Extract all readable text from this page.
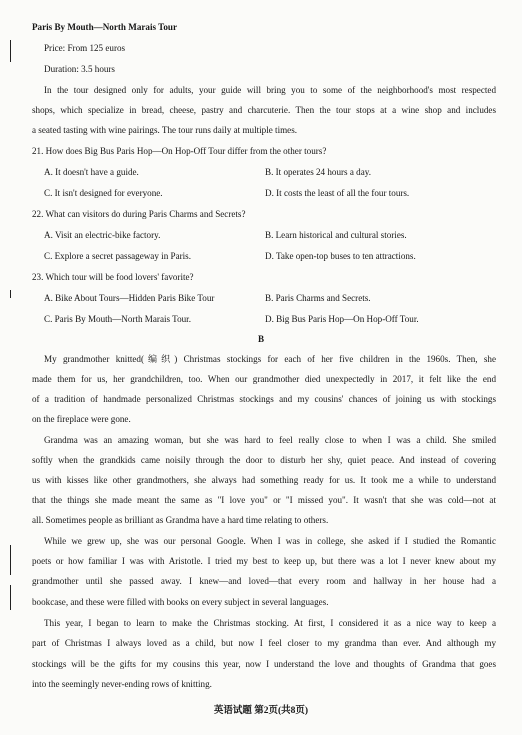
Paris By Mouth—North Marais Tour
Price: From 125 euros
Duration: 3.5 hours
In the tour designed only for adults, your guide will bring you to some of the neighborhood's most respected
shops, which specialize in bread, cheese, pastry and charcuterie. Then the tour stops at a wine shop and includes
a seated tasting with wine pairings. The tour runs daily at multiple times.
21. How does Big Bus Paris Hop—On Hop-Off Tour differ from the other tours?
A. It doesn't have a guide.	B. It operates 24 hours a day.
C. It isn't designed for everyone.	D. It costs the least of all the four tours.
22. What can visitors do during Paris Charms and Secrets?
A. Visit an electric-bike factory.	B. Learn historical and cultural stories.
C. Explore a secret passageway in Paris.	D. Take open-top buses to ten attractions.
23. Which tour will be food lovers' favorite?
A. Bike About Tours—Hidden Paris Bike Tour	B. Paris Charms and Secrets.
C. Paris By Mouth—North Marais Tour.	D. Big Bus Paris Hop—On Hop-Off Tour.
B
My grandmother knitted(编织) Christmas stockings for each of her five children in the 1960s. Then, she
made them for us, her grandchildren, too. When our grandmother died unexpectedly in 2017, it felt like the end
of a tradition of handmade personalized Christmas stockings and my cousins' chances of joining us with stockings
on the fireplace were gone.
Grandma was an amazing woman, but she was hard to feel really close to when I was a child. She smiled
softly when the grandkids came noisily through the door to disturb her shy, quiet peace. And instead of covering
us with kisses like other grandmothers, she always had something ready for us. It took me a while to understand
that the things she made meant the same as "I love you" or "I missed you". It wasn't that she was cold—not at
all. Sometimes people as brilliant as Grandma have a hard time relating to others.
While we grew up, she was our personal Google. When I was in college, she asked if I studied the Romantic
poets or how familiar I was with Aristotle. I tried my best to keep up, but there was a lot I never knew about my
grandmother until she passed away. I knew—and loved—that every room and hallway in her house had a
bookcase, and these were filled with books on every subject in several languages.
This year, I began to learn to make the Christmas stocking. At first, I considered it as a nice way to keep a
part of Christmas I always loved as a child, but now I feel closer to my grandma than ever. And although my
stockings will be the gifts for my cousins this year, now I understand the love and thoughts of Grandma that goes
into the seemingly never-ending rows of knitting.
英语试题 第2页(共8页)
